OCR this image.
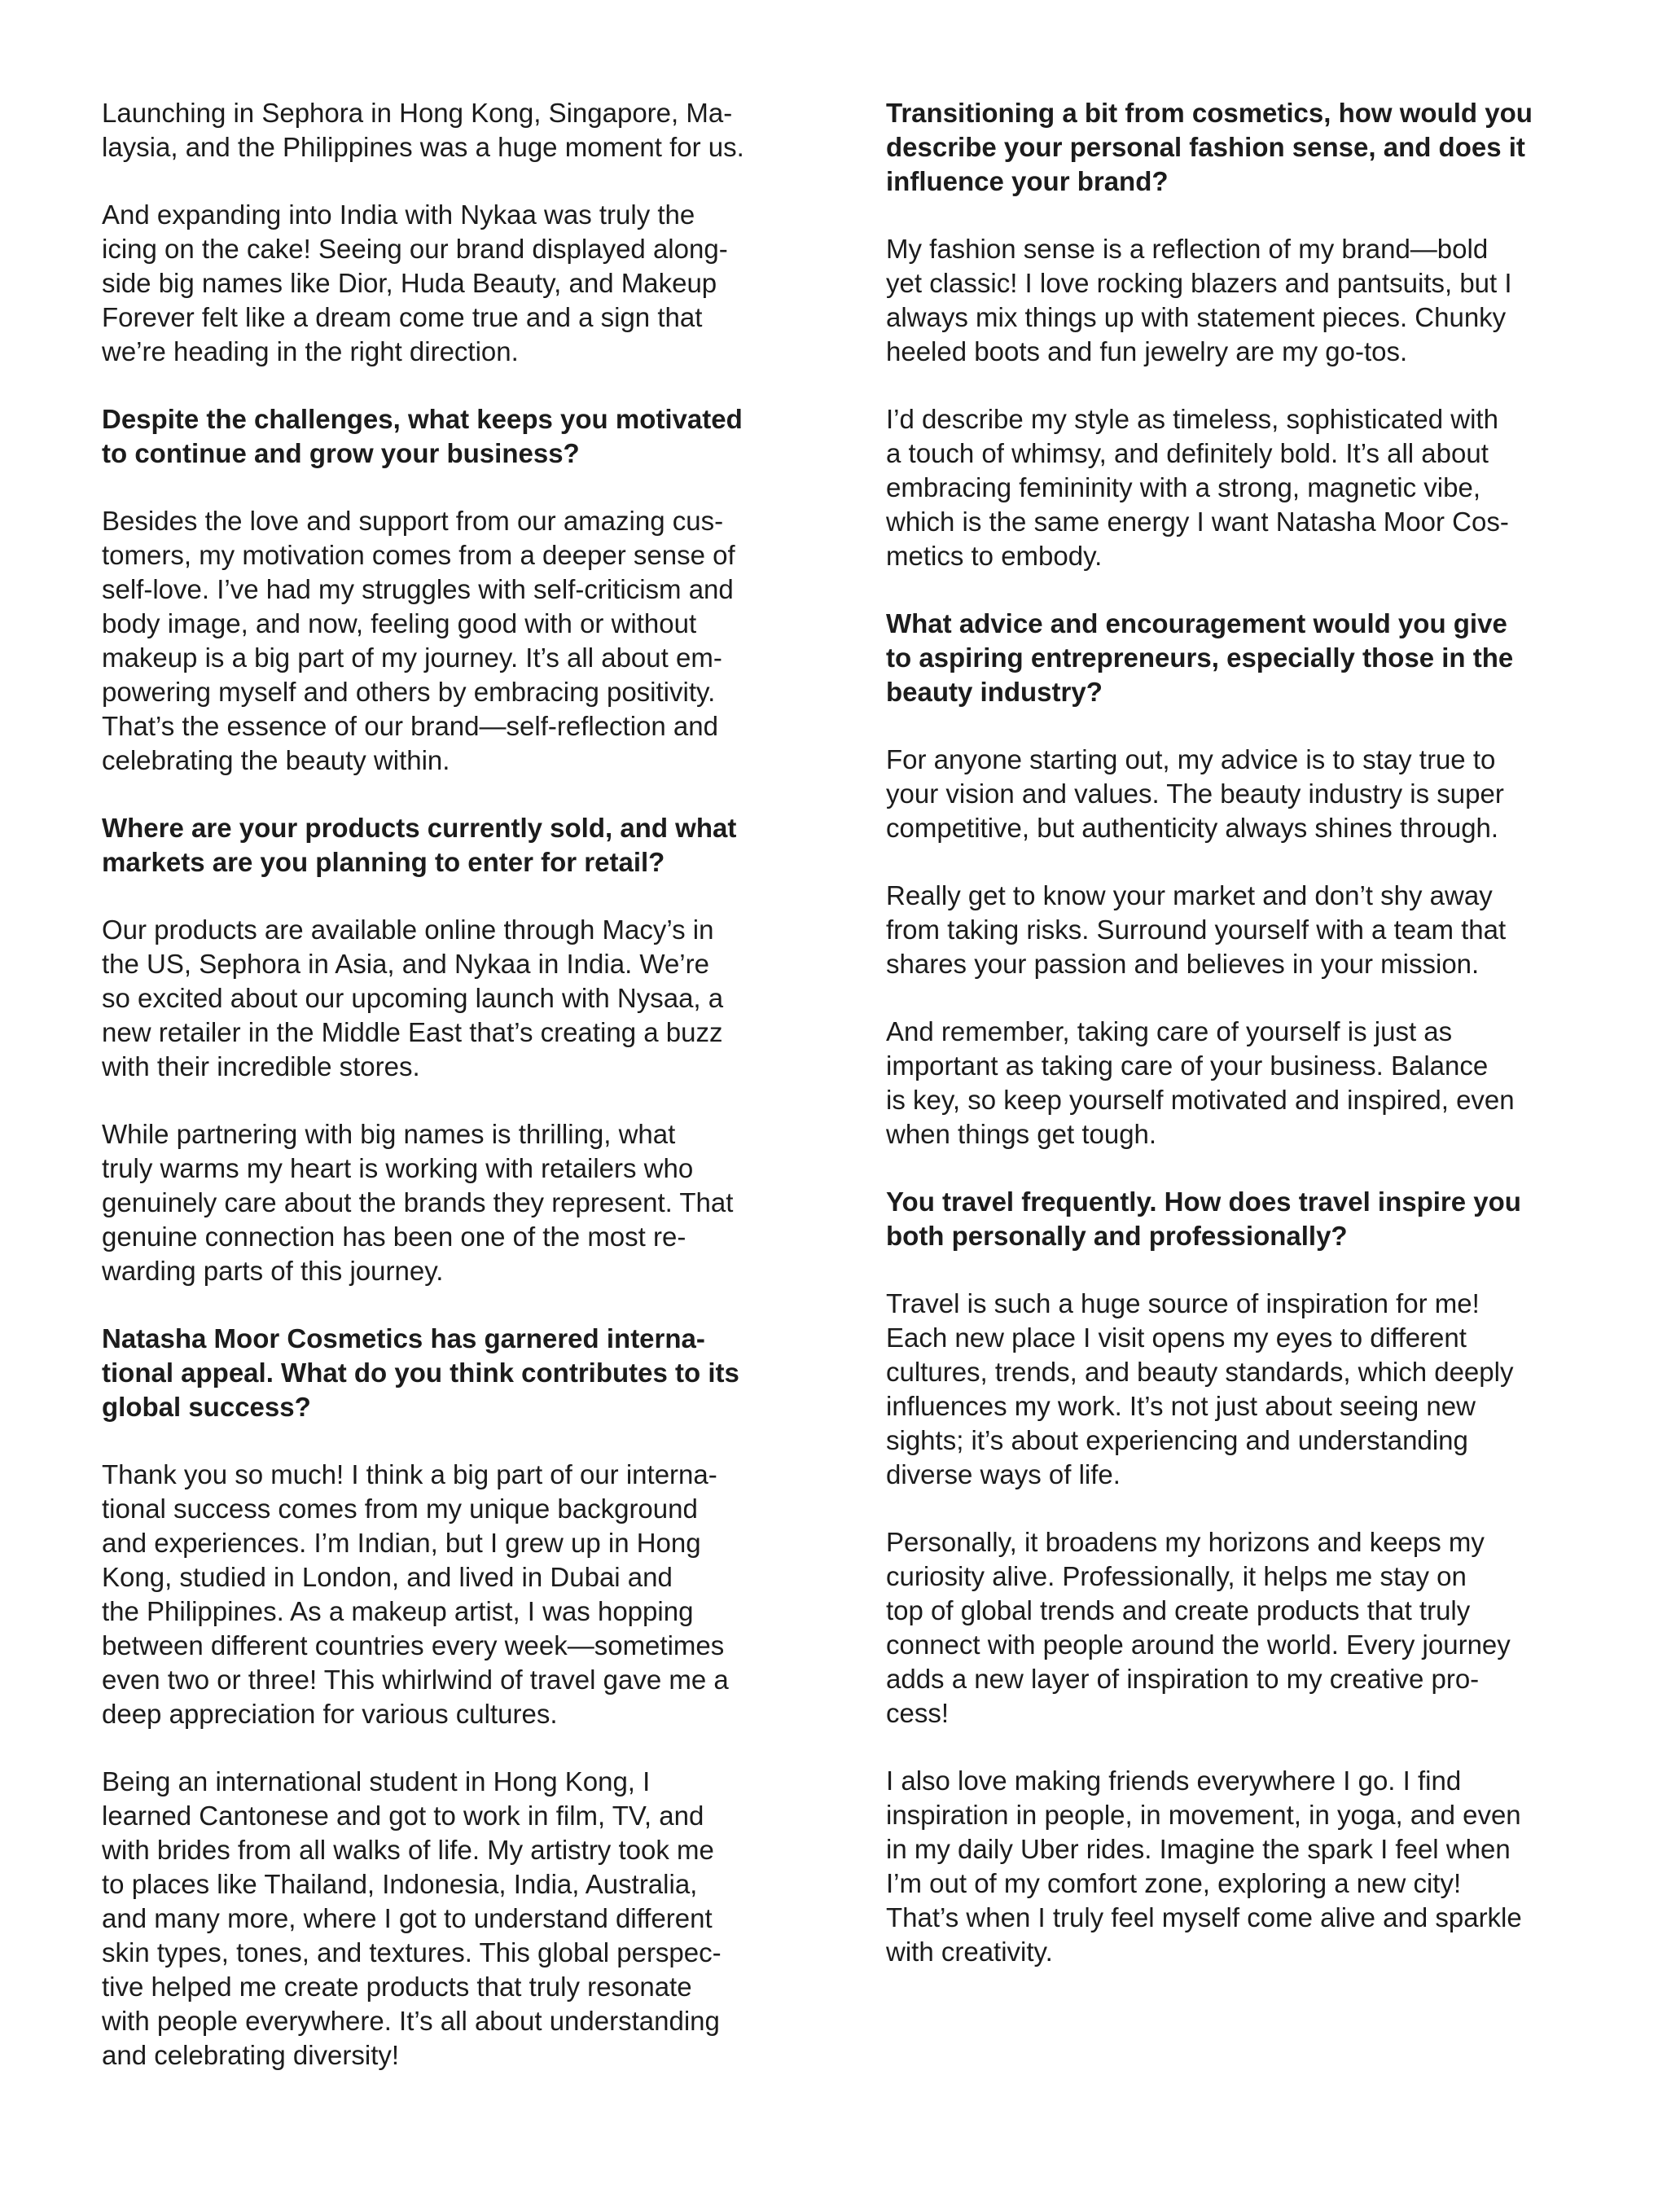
Launching in Sephora in Hong Kong, Singapore, Ma-
laysia, and the Philippines was a huge moment for us.

And expanding into India with Nykaa was truly the
icing on the cake! Seeing our brand displayed along-
side big names like Dior, Huda Beauty, and Makeup
Forever felt like a dream come true and a sign that
we’re heading in the right direction.

Despite the challenges, what keeps you motivated
to continue and grow your business?

Besides the love and support from our amazing cus-
tomers, my motivation comes from a deeper sense of
self-love. I’ve had my struggles with self-criticism and
body image, and now, feeling good with or without
makeup is a big part of my journey. It’s all about em-
powering myself and others by embracing positivity.
That’s the essence of our brand—self-reflection and
celebrating the beauty within.

Where are your products currently sold, and what
markets are you planning to enter for retail?

Our products are available online through Macy’s in
the US, Sephora in Asia, and Nykaa in India. We’re
so excited about our upcoming launch with Nysaa, a
new retailer in the Middle East that’s creating a buzz
with their incredible stores.

While partnering with big names is thrilling, what
truly warms my heart is working with retailers who
genuinely care about the brands they represent. That
genuine connection has been one of the most re-
warding parts of this journey.

Natasha Moor Cosmetics has garnered interna-
tional appeal. What do you think contributes to its
global success?

Thank you so much! I think a big part of our interna-
tional success comes from my unique background
and experiences. I’m Indian, but I grew up in Hong
Kong, studied in London, and lived in Dubai and
the Philippines. As a makeup artist, I was hopping
between different countries every week—sometimes
even two or three! This whirlwind of travel gave me a
deep appreciation for various cultures.

Being an international student in Hong Kong, I
learned Cantonese and got to work in film, TV, and
with brides from all walks of life. My artistry took me
to places like Thailand, Indonesia, India, Australia,
and many more, where I got to understand different
skin types, tones, and textures. This global perspec-
tive helped me create products that truly resonate
with people everywhere. It’s all about understanding
and celebrating diversity!

Transitioning a bit from cosmetics, how would you
describe your personal fashion sense, and does it
influence your brand?

My fashion sense is a reflection of my brand—bold
yet classic! I love rocking blazers and pantsuits, but I
always mix things up with statement pieces. Chunky
heeled boots and fun jewelry are my go-tos.

I’d describe my style as timeless, sophisticated with
a touch of whimsy, and definitely bold. It’s all about
embracing femininity with a strong, magnetic vibe,
which is the same energy I want Natasha Moor Cos-
metics to embody.

What advice and encouragement would you give
to aspiring entrepreneurs, especially those in the
beauty industry?

For anyone starting out, my advice is to stay true to
your vision and values. The beauty industry is super
competitive, but authenticity always shines through.

Really get to know your market and don’t shy away
from taking risks. Surround yourself with a team that
shares your passion and believes in your mission.

And remember, taking care of yourself is just as
important as taking care of your business. Balance
is key, so keep yourself motivated and inspired, even
when things get tough.

You travel frequently. How does travel inspire you
both personally and professionally?

Travel is such a huge source of inspiration for me!
Each new place I visit opens my eyes to different
cultures, trends, and beauty standards, which deeply
influences my work. It’s not just about seeing new
sights; it’s about experiencing and understanding
diverse ways of life.

Personally, it broadens my horizons and keeps my
curiosity alive. Professionally, it helps me stay on
top of global trends and create products that truly
connect with people around the world. Every journey
adds a new layer of inspiration to my creative pro-
cess!

I also love making friends everywhere I go. I find
inspiration in people, in movement, in yoga, and even
in my daily Uber rides. Imagine the spark I feel when
I’m out of my comfort zone, exploring a new city!
That’s when I truly feel myself come alive and sparkle
with creativity.
